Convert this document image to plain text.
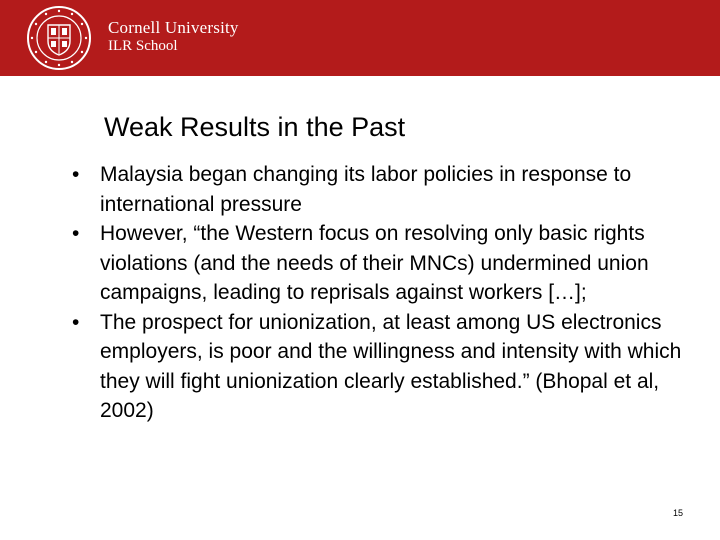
Cornell University
ILR School
Weak Results in the Past
• Malaysia began changing its labor policies in response to international pressure
• However, “the Western focus on resolving only basic rights violations (and the needs of their MNCs) undermined union campaigns, leading to reprisals against workers […];
• The prospect for unionization, at least among US electronics employers, is poor and the willingness and intensity with which they will fight unionization clearly established.” (Bhopal et al, 2002)
15
